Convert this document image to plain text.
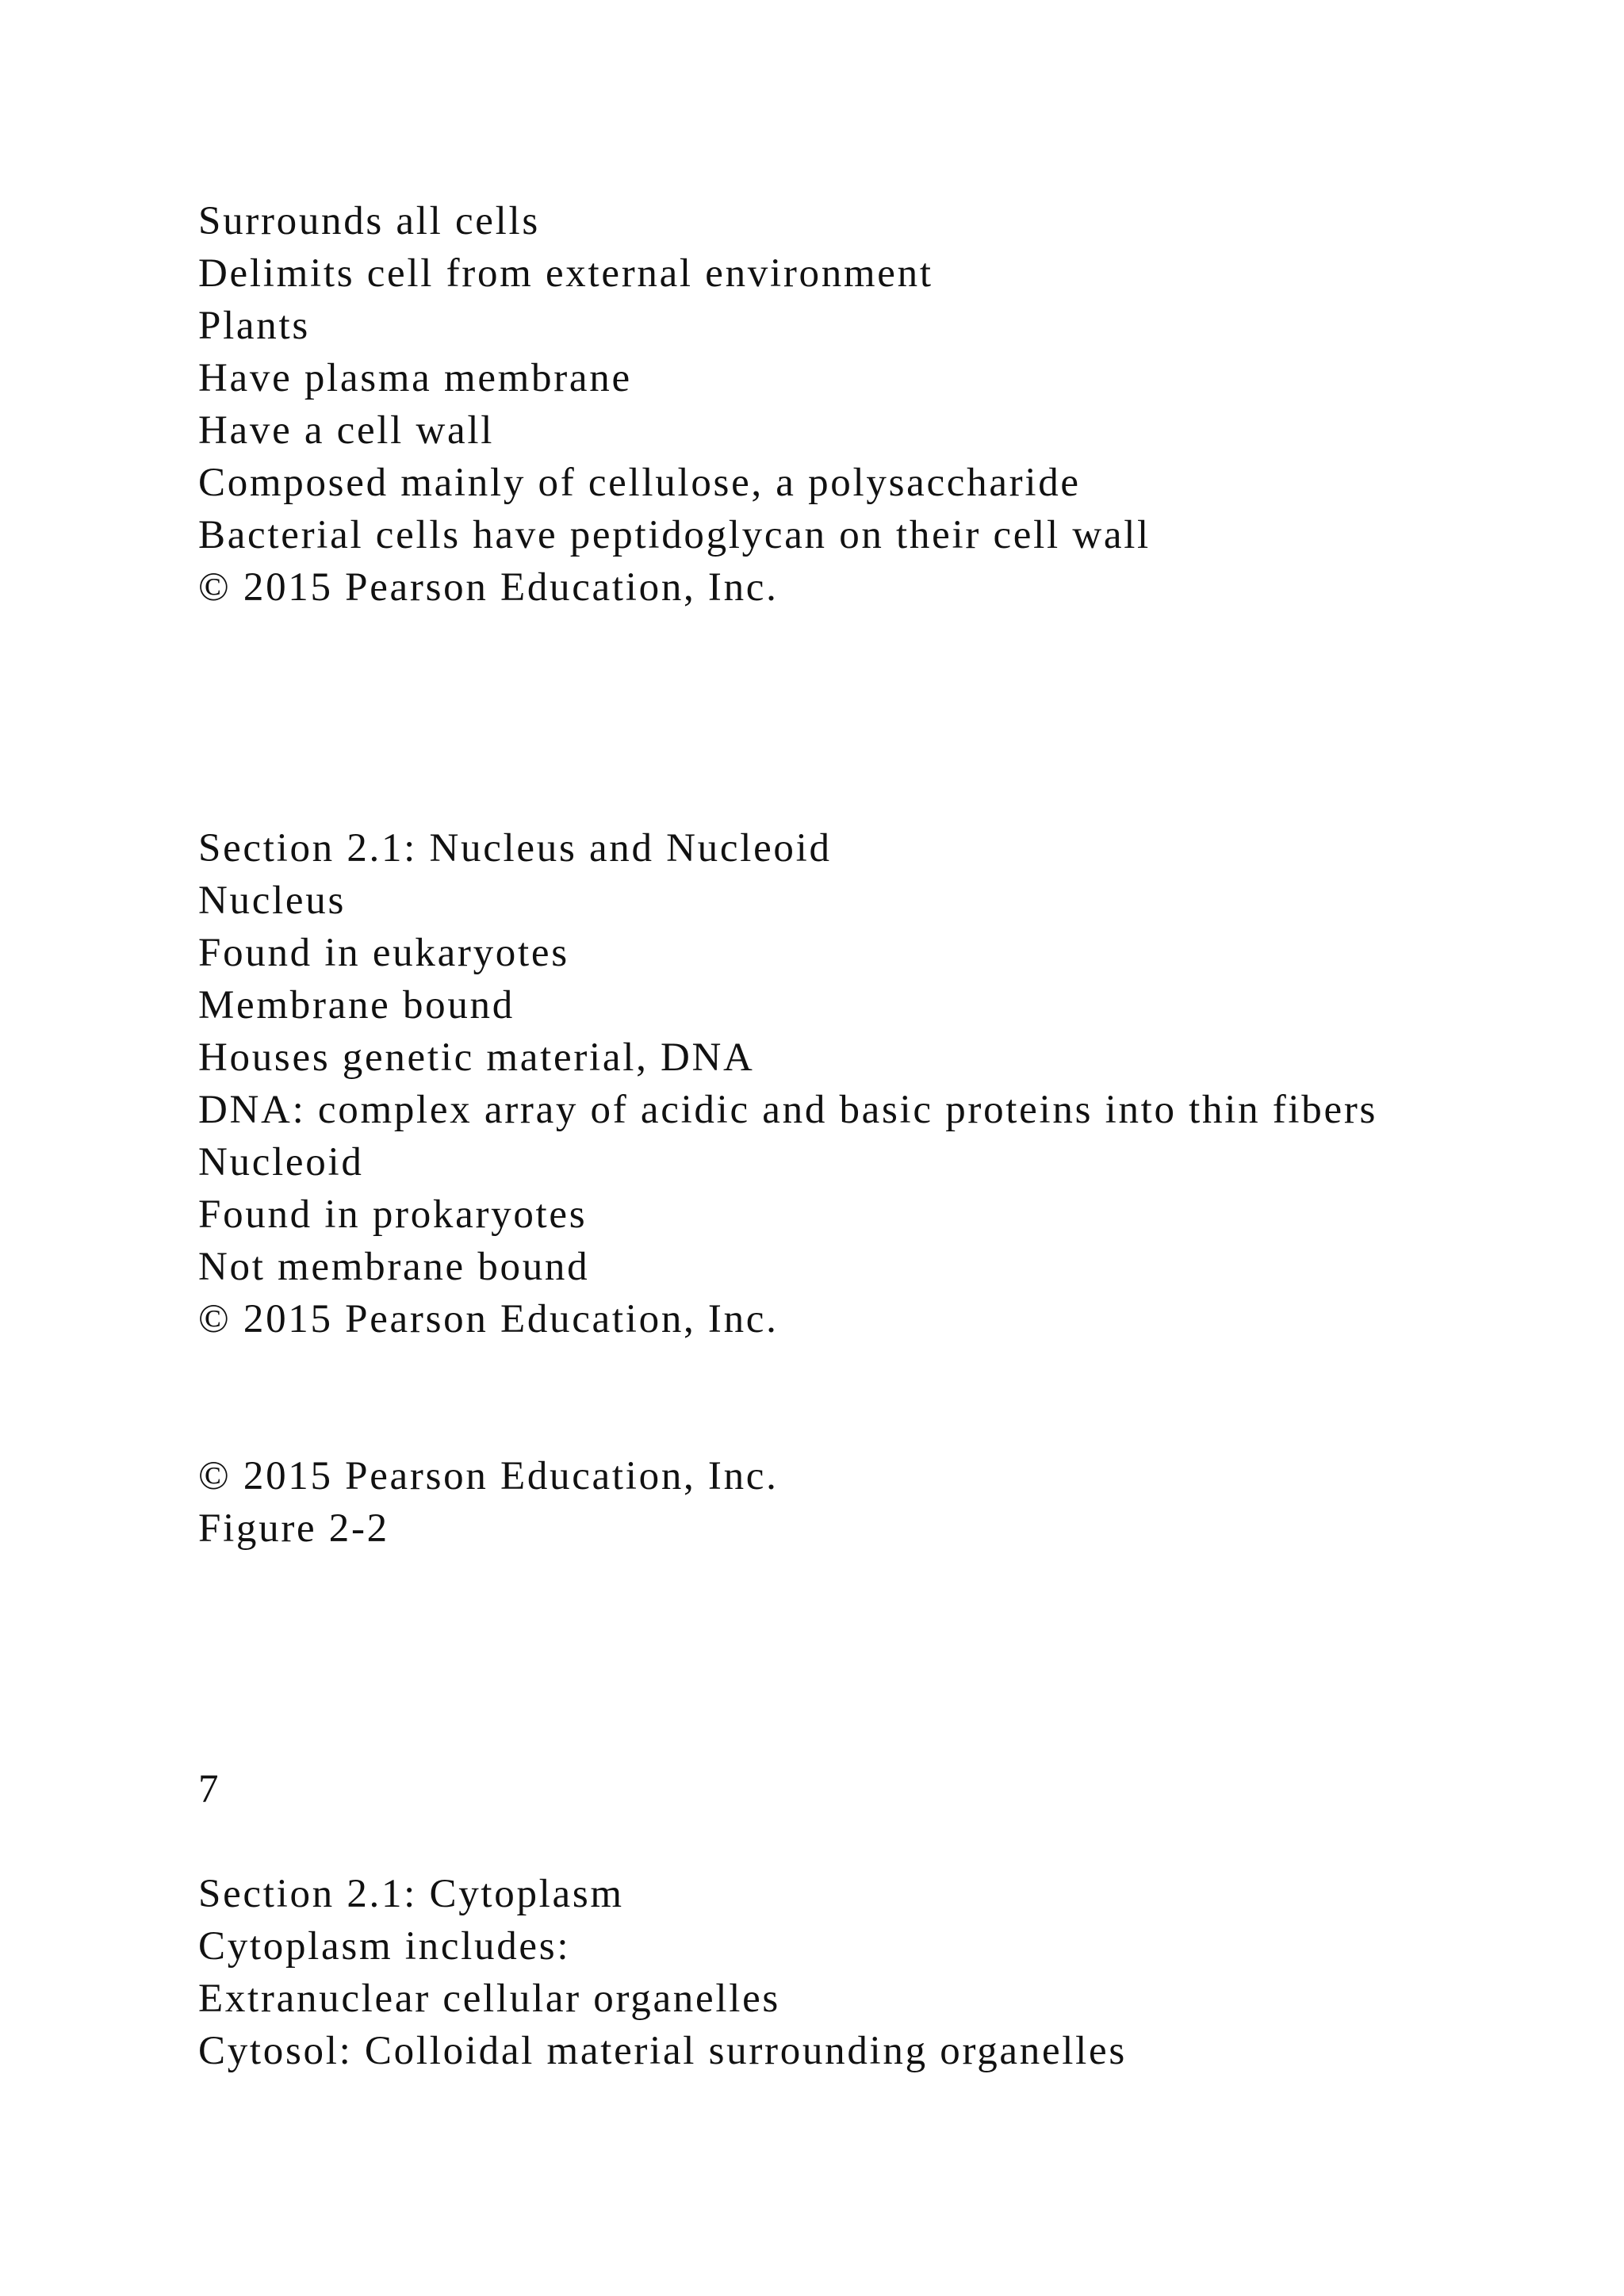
Surrounds all cells

Delimits cell from external environment

Plants

Have plasma membrane

Have a cell wall

Composed mainly of cellulose, a polysaccharide

Bacterial cells have peptidoglycan on their cell wall

© 2015 Pearson Education, Inc.

Section 2.1: Nucleus and Nucleoid

Nucleus

Found in eukaryotes

Membrane bound

Houses genetic material, DNA

DNA: complex array of acidic and basic proteins into thin fibers

Nucleoid

Found in prokaryotes

Not membrane bound

© 2015 Pearson Education, Inc.

© 2015 Pearson Education, Inc.

Figure 2-2

7

Section 2.1: Cytoplasm

Cytoplasm includes:

Extranuclear cellular organelles

Cytosol: Colloidal material surrounding organelles
